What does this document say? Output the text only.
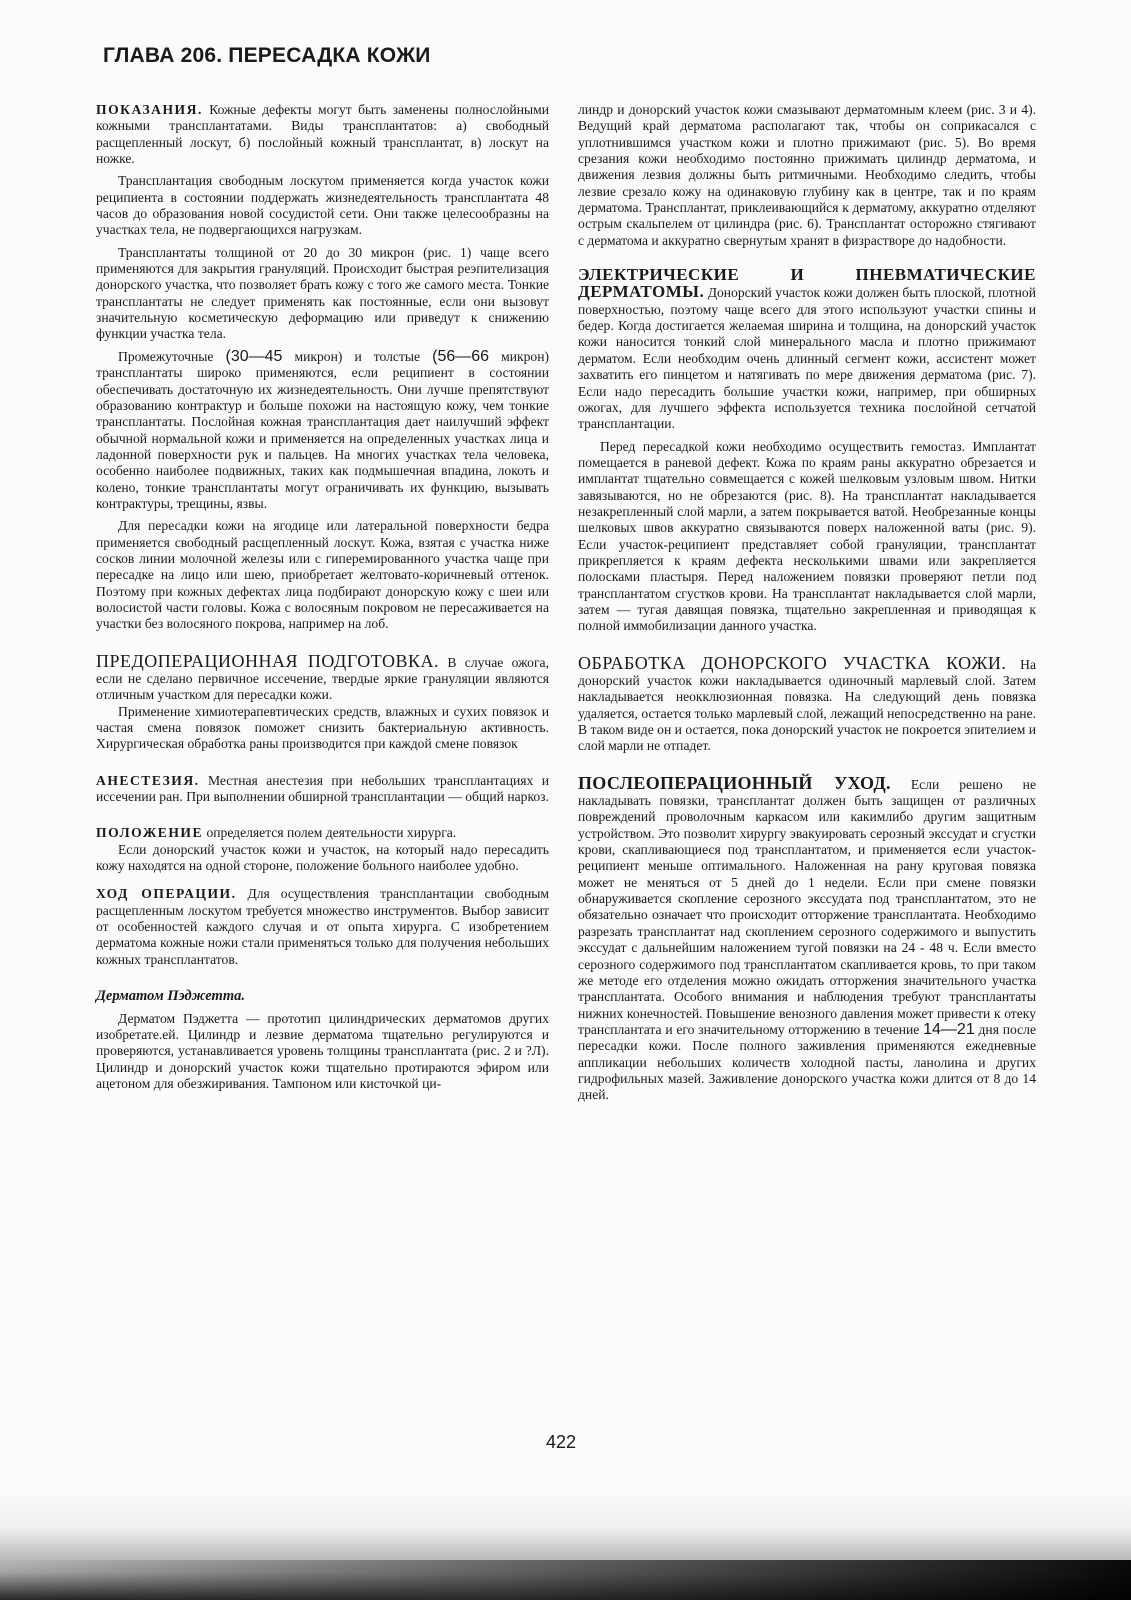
ГЛАВА 206. ПЕРЕСАДКА КОЖИ

ПОКАЗАНИЯ. Кожные дефекты могут быть заменены полнослойными кожными трансплантатами. Виды трансплантатов: а) свободный расщепленный лоскут, б) послойный кожный трансплантат, в) лоскут на ножке.

Трансплантация свободным лоскутом применяется когда участок кожи реципиента в состоянии поддержать жизнедеятельность трансплантата 48 часов до образования новой сосудистой сети. Они также целесообразны на участках тела, не подвергающихся нагрузкам.

Трансплантаты толщиной от 20 до 30 микрон (рис. 1) чаще всего применяются для закрытия грануляций. Происходит быстрая реэпителизация донорского участка, что позволяет брать кожу с того же самого места. Тонкие трансплантаты не следует применять как постоянные, если они вызовут значительную косметическую деформацию или приведут к снижению функции участка тела.

Промежуточные (30—45 микрон) и толстые (56—66 микрон) трансплантаты широко применяются, если реципиент в состоянии обеспечивать достаточную их жизнедеятельность. Они лучше препятствуют образованию контрактур и больше похожи на настоящую кожу, чем тонкие трансплантаты. Послойная кожная трансплантация дает наилучший эффект обычной нормальной кожи и применяется на определенных участках лица и ладонной поверхности рук и пальцев. На многих участках тела человека, особенно наиболее подвижных, таких как подмышечная впадина, локоть и колено, тонкие трансплантаты могут ограничивать их функцию, вызывать контрактуры, трещины, язвы.

Для пересадки кожи на ягодице или латеральной поверхности бедра применяется свободный расщепленный лоскут. Кожа, взятая с участка ниже сосков линии молочной железы или с гиперемированного участка чаще при пересадке на лицо или шею, приобретает желтовато-коричневый оттенок. Поэтому при кожных дефектах лица подбирают донорскую кожу с шеи или волосистой части головы. Кожа с волосяным покровом не пересаживается на участки без волосяного покрова, например на лоб.

ПРЕДОПЕРАЦИОННАЯ ПОДГОТОВКА. В случае ожога, если не сделано первичное иссечение, твердые яркие грануляции являются отличным участком для пересадки кожи.

Применение химиотерапевтических средств, влажных и сухих повязок и частая смена повязок поможет снизить бактериальную активность. Хирургическая обработка раны производится при каждой смене повязок

АНЕСТЕЗИЯ. Местная анестезия при небольших трансплантациях и иссечении ран. При выполнении обширной трансплантации — общий наркоз.

ПОЛОЖЕНИЕ определяется полем деятельности хирурга.

Если донорский участок кожи и участок, на который надо пересадить кожу находятся на одной стороне, положение больного наиболее удобно.

ХОД ОПЕРАЦИИ. Для осуществления трансплантации свободным расщепленным лоскутом требуется множество инструментов. Выбор зависит от особенностей каждого случая и от опыта хирурга. С изобретением дерматома кожные ножи стали применяться только для получения небольших кожных трансплантатов.

Дерматом Пэджетта.

Дерматом Пэджетта — прототип цилиндрических дерматомов других изобретате.ей. Цилиндр и лезвие дерматома тщательно регулируются и проверяются, устанавливается уровень толщины трансплантата (рис. 2 и ?Л). Цилиндр и донорский участок кожи тщательно протираются эфиром или ацетоном для обезжиривания. Тампоном или кисточкой ци-

линдр и донорский участок кожи смазывают дерматомным клеем (рис. 3 и 4). Ведущий край дерматома располагают так, чтобы он соприкасался с уплотнившимся участком кожи и плотно прижимают (рис. 5). Во время срезания кожи необходимо постоянно прижимать цилиндр дерматома, и движения лезвия должны быть ритмичными. Необходимо следить, чтобы лезвие срезало кожу на одинаковую глубину как в центре, так и по краям дерматома. Трансплантат, приклеивающийся к дерматому, аккуратно отделяют острым скальпелем от цилиндра (рис. 6). Трансплантат осторожно стягивают с дерматома и аккуратно свернутым хранят в физрастворе до надобности.

ЭЛЕКТРИЧЕСКИЕ И ПНЕВМАТИЧЕСКИЕ ДЕРМАТОМЫ. Донорский участок кожи должен быть плоской, плотной поверхностью, поэтому чаще всего для этого используют участки спины и бедер. Когда достигается желаемая ширина и толщина, на донорский участок кожи наносится тонкий слой минерального масла и плотно прижимают дерматом. Если необходим очень длинный сегмент кожи, ассистент может захватить его пинцетом и натягивать по мере движения дерматома (рис. 7). Если надо пересадить большие участки кожи, например, при обширных ожогах, для лучшего эффекта используется техника послойной сетчатой трансплантации.

Перед пересадкой кожи необходимо осуществить гемостаз. Имплантат помещается в раневой дефект. Кожа по краям раны аккуратно обрезается и имплантат тщательно совмещается с кожей шелковым узловым швом. Нитки завязываются, но не обрезаются (рис. 8). На трансплантат накладывается незакрепленный слой марли, а затем покрывается ватой. Необрезанные концы шелковых швов аккуратно связываются поверх наложенной ваты (рис. 9). Если участок-реципиент представляет собой грануляции, трансплантат прикрепляется к краям дефекта несколькими швами или закрепляется полосками пластыря. Перед наложением повязки проверяют петли под трансплантатом сгустков крови. На трансплантат накладывается слой марли, затем — тугая давящая повязка, тщательно закрепленная и приводящая к полной иммобилизации данного участка.

ОБРАБОТКА ДОНОРСКОГО УЧАСТКА КОЖИ. На донорский участок кожи накладывается одиночный марлевый слой. Затем накладывается неокклюзионная повязка. На следующий день повязка удаляется, остается только марлевый слой, лежащий непосредственно на ране. В таком виде он и остается, пока донорский участок не покроется эпителием и слой марли не отпадет.

ПОСЛЕОПЕРАЦИОННЫЙ УХОД. Если решено не накладывать повязки, трансплантат должен быть защищен от различных повреждений проволочным каркасом или какимлибо другим защитным устройством. Это позволит хирургу эвакуировать серозный экссудат и сгустки крови, скапливающиеся под трансплантатом, и применяется если участок-реципиент меньше оптимального. Наложенная на рану круговая повязка может не меняться от 5 дней до 1 недели. Если при смене повязки обнаруживается скопление серозного экссудата под трансплантатом, это не обязательно означает что происходит отторжение трансплантата. Необходимо разрезать трансплантат над скоплением серозного содержимого и выпустить экссудат с дальнейшим наложением тугой повязки на 24 - 48 ч. Если вместо серозного содержимого под трансплантатом скапливается кровь, то при таком же методе его отделения можно ожидать отторжения значительного участка трансплантата. Особого внимания и наблюдения требуют трансплантаты нижних конечностей. Повышение венозного давления может привести к отеку трансплантата и его значительному отторжению в течение 14—21 дня после пересадки кожи. После полного заживления применяются ежедневные аппликации небольших количеств холодной пасты, ланолина и других гидрофильных мазей. Заживление донорского участка кожи длится от 8 до 14 дней.

422
